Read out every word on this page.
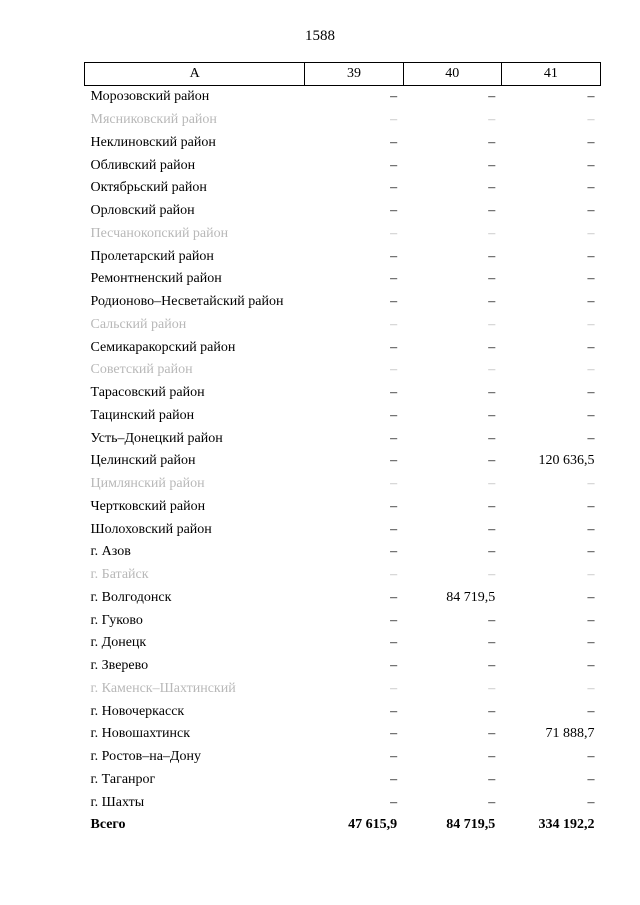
1588
А	39	40	41
Морозовский район	–	–	–
Мясниковский район	–	–	–
Неклиновский район	–	–	–
Обливский район	–	–	–
Октябрьский район	–	–	–
Орловский район	–	–	–
Песчанокопский район	–	–	–
Пролетарский район	–	–	–
Ремонтненский район	–	–	–
Родионово–Несветайский район	–	–	–
Сальский район	–	–	–
Семикаракорский район	–	–	–
Советский район	–	–	–
Тарасовский район	–	–	–
Тацинский район	–	–	–
Усть–Донецкий район	–	–	–
Целинский район	–	–	120 636,5
Цимлянский район	–	–	–
Чертковский район	–	–	–
Шолоховский район	–	–	–
г. Азов	–	–	–
г. Батайск	–	–	–
г. Волгодонск	–	84 719,5	–
г. Гуково	–	–	–
г. Донецк	–	–	–
г. Зверево	–	–	–
г. Каменск–Шахтинский	–	–	–
г. Новочеркасск	–	–	–
г. Новошахтинск	–	–	71 888,7
г. Ростов–на–Дону	–	–	–
г. Таганрог	–	–	–
г. Шахты	–	–	–
Всего	47 615,9	84 719,5	334 192,2
